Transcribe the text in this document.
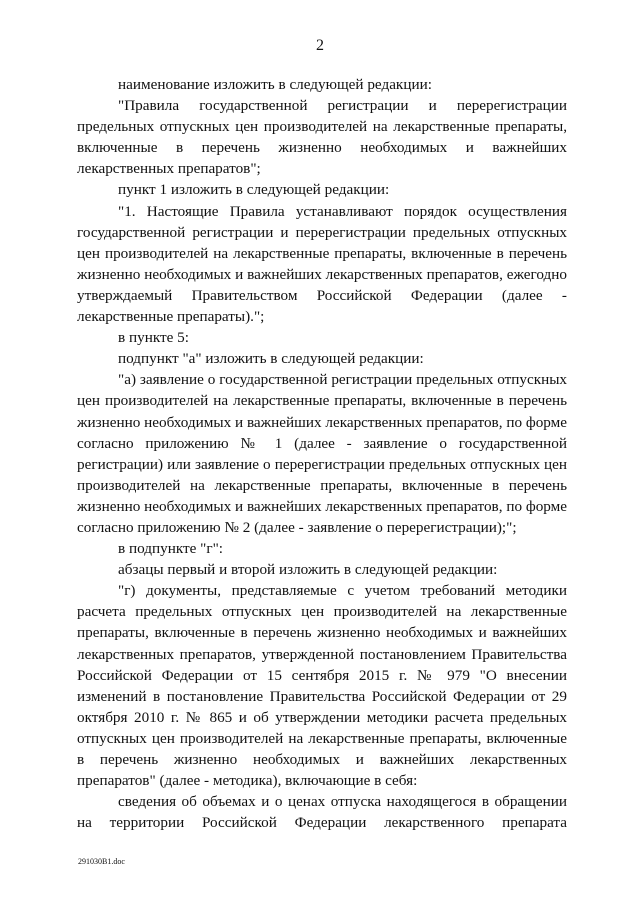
2

наименование изложить в следующей редакции:

"Правила государственной регистрации и перерегистрации предельных отпускных цен производителей на лекарственные препараты, включенные в перечень жизненно необходимых и важнейших лекарственных препаратов";

пункт 1 изложить в следующей редакции:

"1. Настоящие Правила устанавливают порядок осуществления государственной регистрации и перерегистрации предельных отпускных цен производителей на лекарственные препараты, включенные в перечень жизненно необходимых и важнейших лекарственных препаратов, ежегодно утверждаемый Правительством Российской Федерации (далее - лекарственные препараты).";

в пункте 5:

подпункт "а" изложить в следующей редакции:

"а) заявление о государственной регистрации предельных отпускных цен производителей на лекарственные препараты, включенные в перечень жизненно необходимых и важнейших лекарственных препаратов, по форме согласно приложению № 1 (далее - заявление о государственной регистрации) или заявление о перерегистрации предельных отпускных цен производителей на лекарственные препараты, включенные в перечень жизненно необходимых и важнейших лекарственных препаратов, по форме согласно приложению № 2 (далее - заявление о перерегистрации);";

в подпункте "г":

абзацы первый и второй изложить в следующей редакции:

"г) документы, представляемые с учетом требований методики расчета предельных отпускных цен производителей на лекарственные препараты, включенные в перечень жизненно необходимых и важнейших лекарственных препаратов, утвержденной постановлением Правительства Российской Федерации от 15 сентября 2015 г. № 979 "О внесении изменений в постановление Правительства Российской Федерации от 29 октября 2010 г. № 865 и об утверждении методики расчета предельных отпускных цен производителей на лекарственные препараты, включенные в перечень жизненно необходимых и важнейших лекарственных препаратов" (далее - методика), включающие в себя:

сведения об объемах и о ценах отпуска находящегося в обращении на территории Российской Федерации лекарственного препарата

291030В1.doc
